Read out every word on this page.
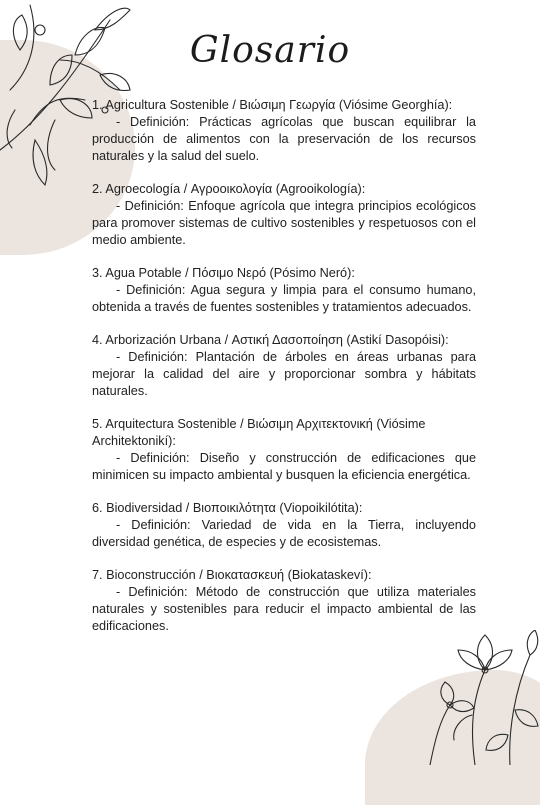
Glosario
1. Agricultura Sostenible / Βιώσιμη Γεωργία (Viósime Georghía):
- Definición: Prácticas agrícolas que buscan equilibrar la producción de alimentos con la preservación de los recursos naturales y la salud del suelo.
2. Agroecología / Αγροοικολογία (Agrooikología):
- Definición: Enfoque agrícola que integra principios ecológicos para promover sistemas de cultivo sostenibles y respetuosos con el medio ambiente.
3. Agua Potable / Πόσιμο Νερό (Pósimo Neró):
- Definición: Agua segura y limpia para el consumo humano, obtenida a través de fuentes sostenibles y tratamientos adecuados.
4. Arborización Urbana / Αστική Δασοποίηση (Astikí Dasopóisi):
- Definición: Plantación de árboles en áreas urbanas para mejorar la calidad del aire y proporcionar sombra y hábitats naturales.
5. Arquitectura Sostenible / Βιώσιμη Αρχιτεκτονική (Viósime Architektonikí):
- Definición: Diseño y construcción de edificaciones que minimicen su impacto ambiental y busquen la eficiencia energética.
6. Biodiversidad / Βιοποικιλότητα (Viopoikilótita):
- Definición: Variedad de vida en la Tierra, incluyendo diversidad genética, de especies y de ecosistemas.
7. Bioconstrucción / Βιοκατασκευή (Biokataskeví):
- Definición: Método de construcción que utiliza materiales naturales y sostenibles para reducir el impacto ambiental de las edificaciones.
